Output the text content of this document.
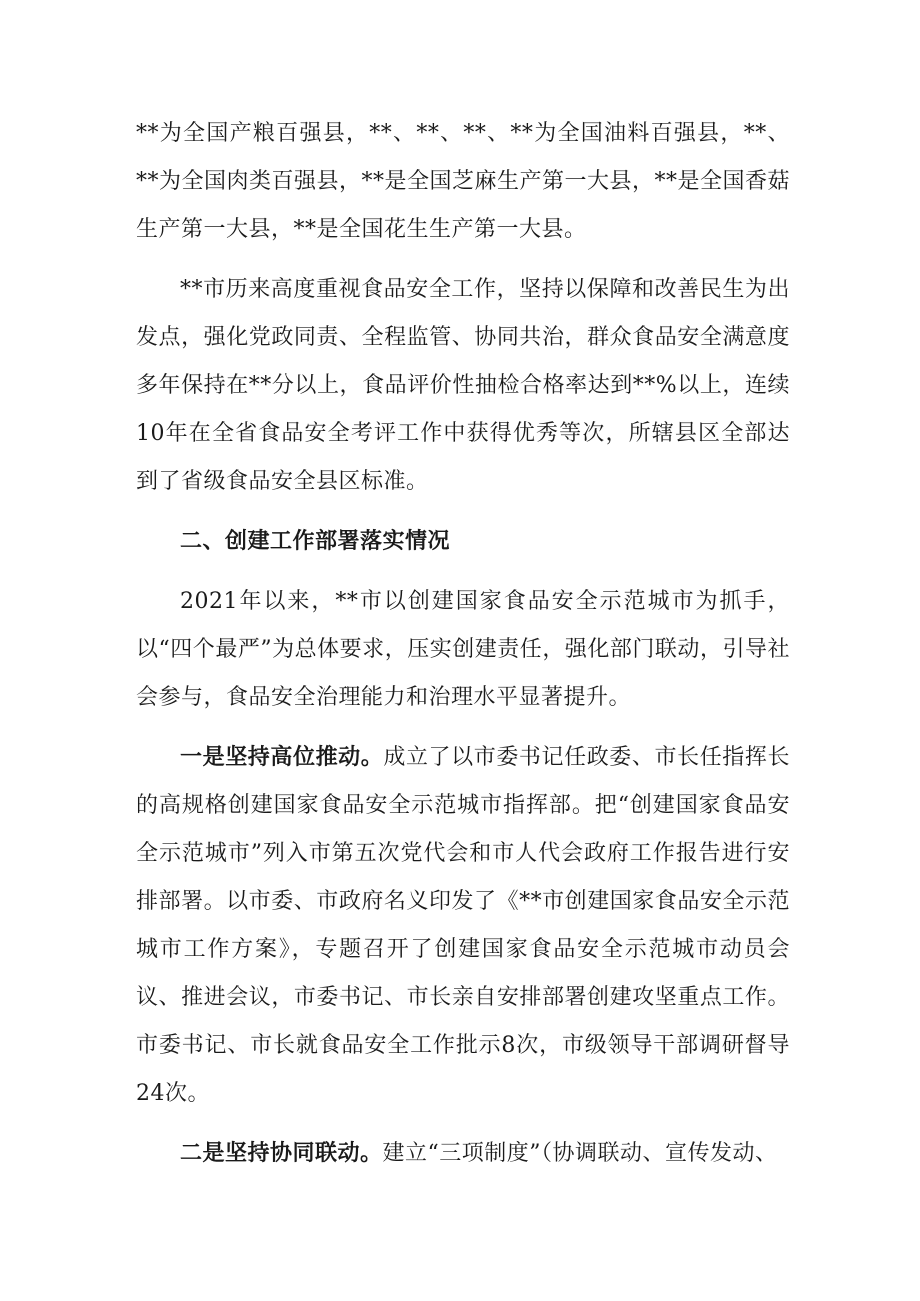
**为全国产粮百强县，**、**、**、**为全国油料百强县，**、**为全国肉类百强县，**是全国芝麻生产第一大县，**是全国香菇生产第一大县，**是全国花生生产第一大县。

**市历来高度重视食品安全工作，坚持以保障和改善民生为出发点，强化党政同责、全程监管、协同共治，群众食品安全满意度多年保持在**分以上，食品评价性抽检合格率达到**%以上，连续10年在全省食品安全考评工作中获得优秀等次，所辖县区全部达到了省级食品安全县区标准。

二、创建工作部署落实情况

2021年以来，**市以创建国家食品安全示范城市为抓手，以“四个最严”为总体要求，压实创建责任，强化部门联动，引导社会参与，食品安全治理能力和治理水平显著提升。

一是坚持高位推动。成立了以市委书记任政委、市长任指挥长的高规格创建国家食品安全示范城市指挥部。把“创建国家食品安全示范城市”列入市第五次党代会和市人代会政府工作报告进行安排部署。以市委、市政府名义印发了《**市创建国家食品安全示范城市工作方案》，专题召开了创建国家食品安全示范城市动员会议、推进会议，市委书记、市长亲自安排部署创建攻坚重点工作。市委书记、市长就食品安全工作批示8次，市级领导干部调研督导24次。

二是坚持协同联动。建立“三项制度”（协调联动、宣传发动、
